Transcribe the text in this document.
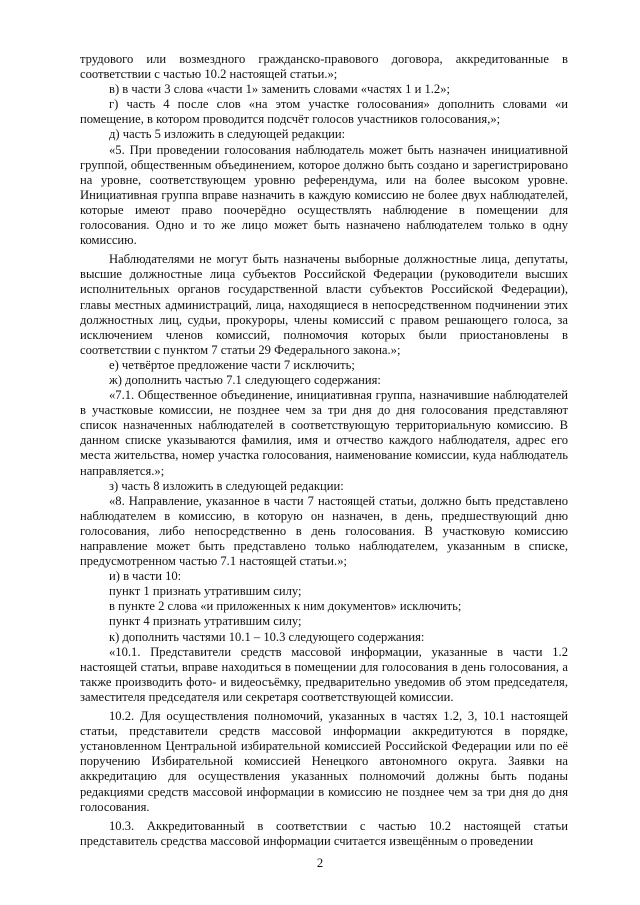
трудового или возмездного гражданско-правового договора, аккредитованные в соответствии с частью 10.2 настоящей статьи.»;

в) в части 3 слова «части 1» заменить словами «частях 1 и 1.2»;

г) часть 4 после слов «на этом участке голосования» дополнить словами «и помещение, в котором проводится подсчёт голосов участников голосования,»;

д) часть 5 изложить в следующей редакции:

«5. При проведении голосования наблюдатель может быть назначен инициативной группой, общественным объединением, которое должно быть создано и зарегистрировано на уровне, соответствующем уровню референдума, или на более высоком уровне. Инициативная группа вправе назначить в каждую комиссию не более двух наблюдателей, которые имеют право поочерёдно осуществлять наблюдение в помещении для голосования. Одно и то же лицо может быть назначено наблюдателем только в одну комиссию.

Наблюдателями не могут быть назначены выборные должностные лица, депутаты, высшие должностные лица субъектов Российской Федерации (руководители высших исполнительных органов государственной власти субъектов Российской Федерации), главы местных администраций, лица, находящиеся в непосредственном подчинении этих должностных лиц, судьи, прокуроры, члены комиссий с правом решающего голоса, за исключением членов комиссий, полномочия которых были приостановлены в соответствии с пунктом 7 статьи 29 Федерального закона.»;

е) четвёртое предложение части 7 исключить;

ж) дополнить частью 7.1 следующего содержания:

«7.1. Общественное объединение, инициативная группа, назначившие наблюдателей в участковые комиссии, не позднее чем за три дня до дня голосования представляют список назначенных наблюдателей в соответствующую территориальную комиссию. В данном списке указываются фамилия, имя и отчество каждого наблюдателя, адрес его места жительства, номер участка голосования, наименование комиссии, куда наблюдатель направляется.»;

з) часть 8 изложить в следующей редакции:

«8. Направление, указанное в части 7 настоящей статьи, должно быть представлено наблюдателем в комиссию, в которую он назначен, в день, предшествующий дню голосования, либо непосредственно в день голосования. В участковую комиссию направление может быть представлено только наблюдателем, указанным в списке, предусмотренном частью 7.1 настоящей статьи.»;

и) в части 10:

пункт 1 признать утратившим силу;

в пункте 2 слова «и приложенных к ним документов» исключить;

пункт 4 признать утратившим силу;

к) дополнить частями 10.1 – 10.3 следующего содержания:

«10.1. Представители средств массовой информации, указанные в части 1.2 настоящей статьи, вправе находиться в помещении для голосования в день голосования, а также производить фото- и видеосъёмку, предварительно уведомив об этом председателя, заместителя председателя или секретаря соответствующей комиссии.

10.2. Для осуществления полномочий, указанных в частях 1.2, 3, 10.1 настоящей статьи, представители средств массовой информации аккредитуются в порядке, установленном Центральной избирательной комиссией Российской Федерации или по её поручению Избирательной комиссией Ненецкого автономного округа. Заявки на аккредитацию для осуществления указанных полномочий должны быть поданы редакциями средств массовой информации в комиссию не позднее чем за три дня до дня голосования.

10.3. Аккредитованный в соответствии с частью 10.2 настоящей статьи представитель средства массовой информации считается извещённым о проведении

2
